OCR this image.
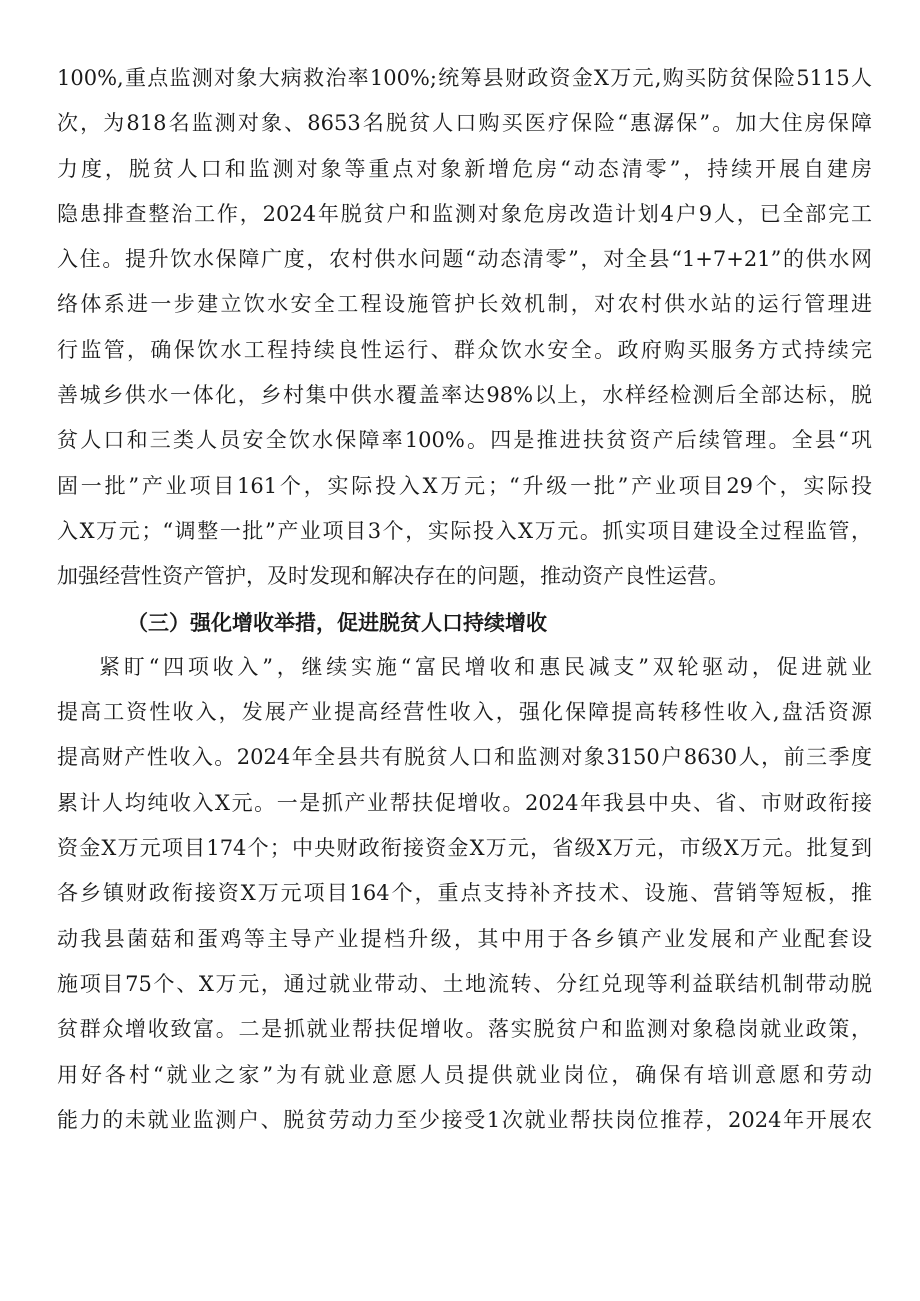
100%,重点监测对象大病救治率100%;统筹县财政资金X万元,购买防贫保险5115人
次，为818名监测对象、8653名脱贫人口购买医疗保险“惠潺保”。加大住房保障
力度，脱贫人口和监测对象等重点对象新增危房“动态清零”，持续开展自建房
隐患排查整治工作，2024年脱贫户和监测对象危房改造计划4户9人，已全部完工
入住。提升饮水保障广度，农村供水问题“动态清零”，对全县“1+7+21”的供水网
络体系进一步建立饮水安全工程设施管护长效机制，对农村供水站的运行管理进
行监管，确保饮水工程持续良性运行、群众饮水安全。政府购买服务方式持续完
善城乡供水一体化，乡村集中供水覆盖率达98%以上，水样经检测后全部达标，脱
贫人口和三类人员安全饮水保障率100%。四是推进扶贫资产后续管理。全县“巩
固一批”产业项目161个，实际投入X万元；“升级一批”产业项目29个，实际投
入X万元；“调整一批”产业项目3个，实际投入X万元。抓实项目建设全过程监管，
加强经营性资产管护，及时发现和解决存在的问题，推动资产良性运营。
（三）强化增收举措，促进脱贫人口持续增收
紧盯“四项收入”，继续实施“富民增收和惠民减支”双轮驱动，促进就业
提高工资性收入，发展产业提高经营性收入，强化保障提高转移性收入,盘活资源
提高财产性收入。2024年全县共有脱贫人口和监测对象3150户8630人，前三季度
累计人均纯收入X元。一是抓产业帮扶促增收。2024年我县中央、省、市财政衔接
资金X万元项目174个；中央财政衔接资金X万元，省级X万元，市级X万元。批复到
各乡镇财政衔接资X万元项目164个，重点支持补齐技术、设施、营销等短板，推
动我县菌菇和蛋鸡等主导产业提档升级，其中用于各乡镇产业发展和产业配套设
施项目75个、X万元，通过就业带动、土地流转、分红兑现等利益联结机制带动脱
贫群众增收致富。二是抓就业帮扶促增收。落实脱贫户和监测对象稳岗就业政策，
用好各村“就业之家”为有就业意愿人员提供就业岗位，确保有培训意愿和劳动
能力的未就业监测户、脱贫劳动力至少接受1次就业帮扶岗位推荐，2024年开展农
